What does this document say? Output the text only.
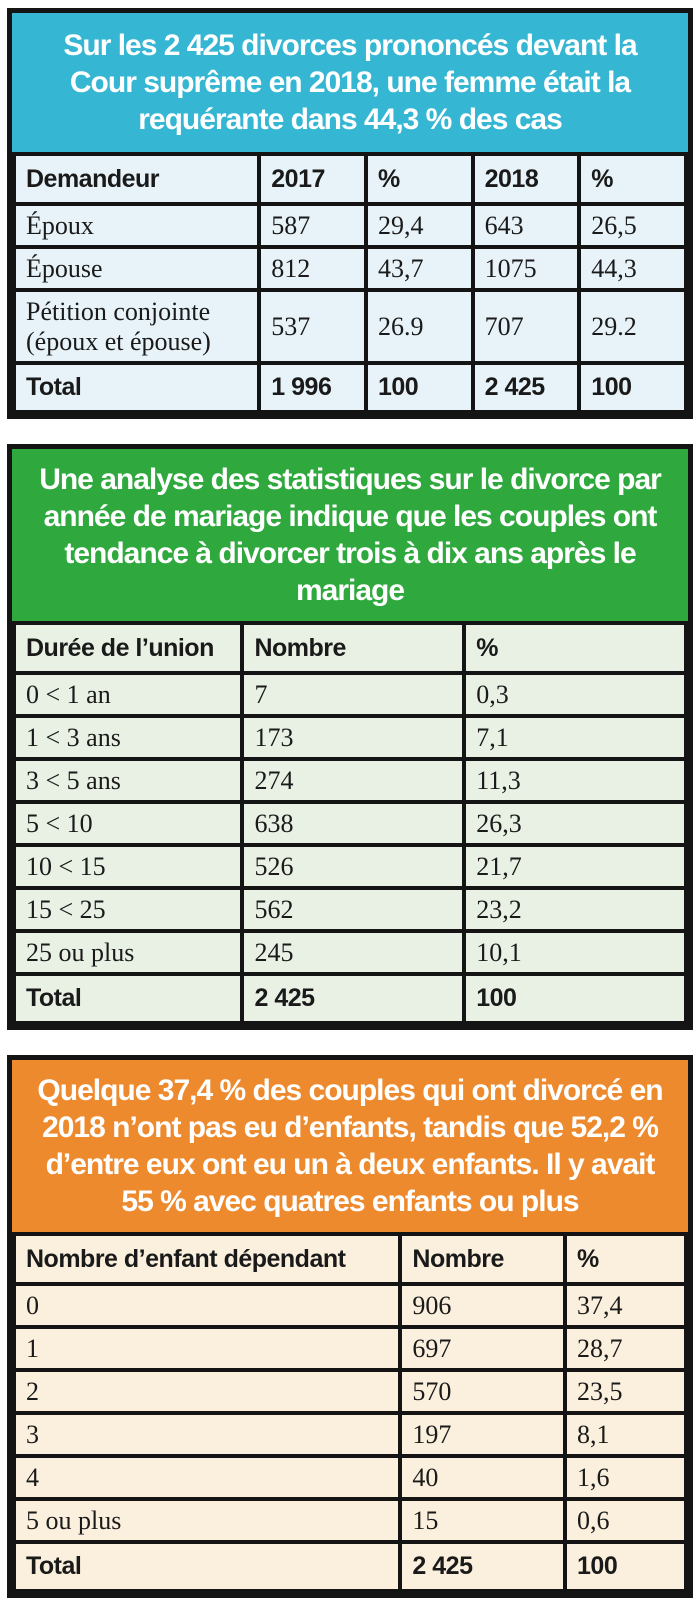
Sur les 2 425 divorces prononcés devant la Cour suprême en 2018, une femme était la requérante dans 44,3 % des cas
Demandeur	2017	%	2018	%
Époux	587	29,4	643	26,5
Épouse	812	43,7	1075	44,3
Pétition conjointe (époux et épouse)	537	26.9	707	29.2
Total	1 996	100	2 425	100
Une analyse des statistiques sur le divorce par année de mariage indique que les couples ont tendance à divorcer trois à dix ans après le mariage
Durée de l’union	Nombre	%
0 < 1 an	7	0,3
1 < 3 ans	173	7,1
3 < 5 ans	274	11,3
5 < 10	638	26,3
10 < 15	526	21,7
15 < 25	562	23,2
25 ou plus	245	10,1
Total	2 425	100
Quelque 37,4 % des couples qui ont divorcé en 2018 n’ont pas eu d’enfants, tandis que 52,2 % d’entre eux ont eu un à deux enfants. Il y avait 55 % avec quatres enfants ou plus
Nombre d’enfant dépendant	Nombre	%
0	906	37,4
1	697	28,7
2	570	23,5
3	197	8,1
4	40	1,6
5 ou plus	15	0,6
Total	2 425	100
